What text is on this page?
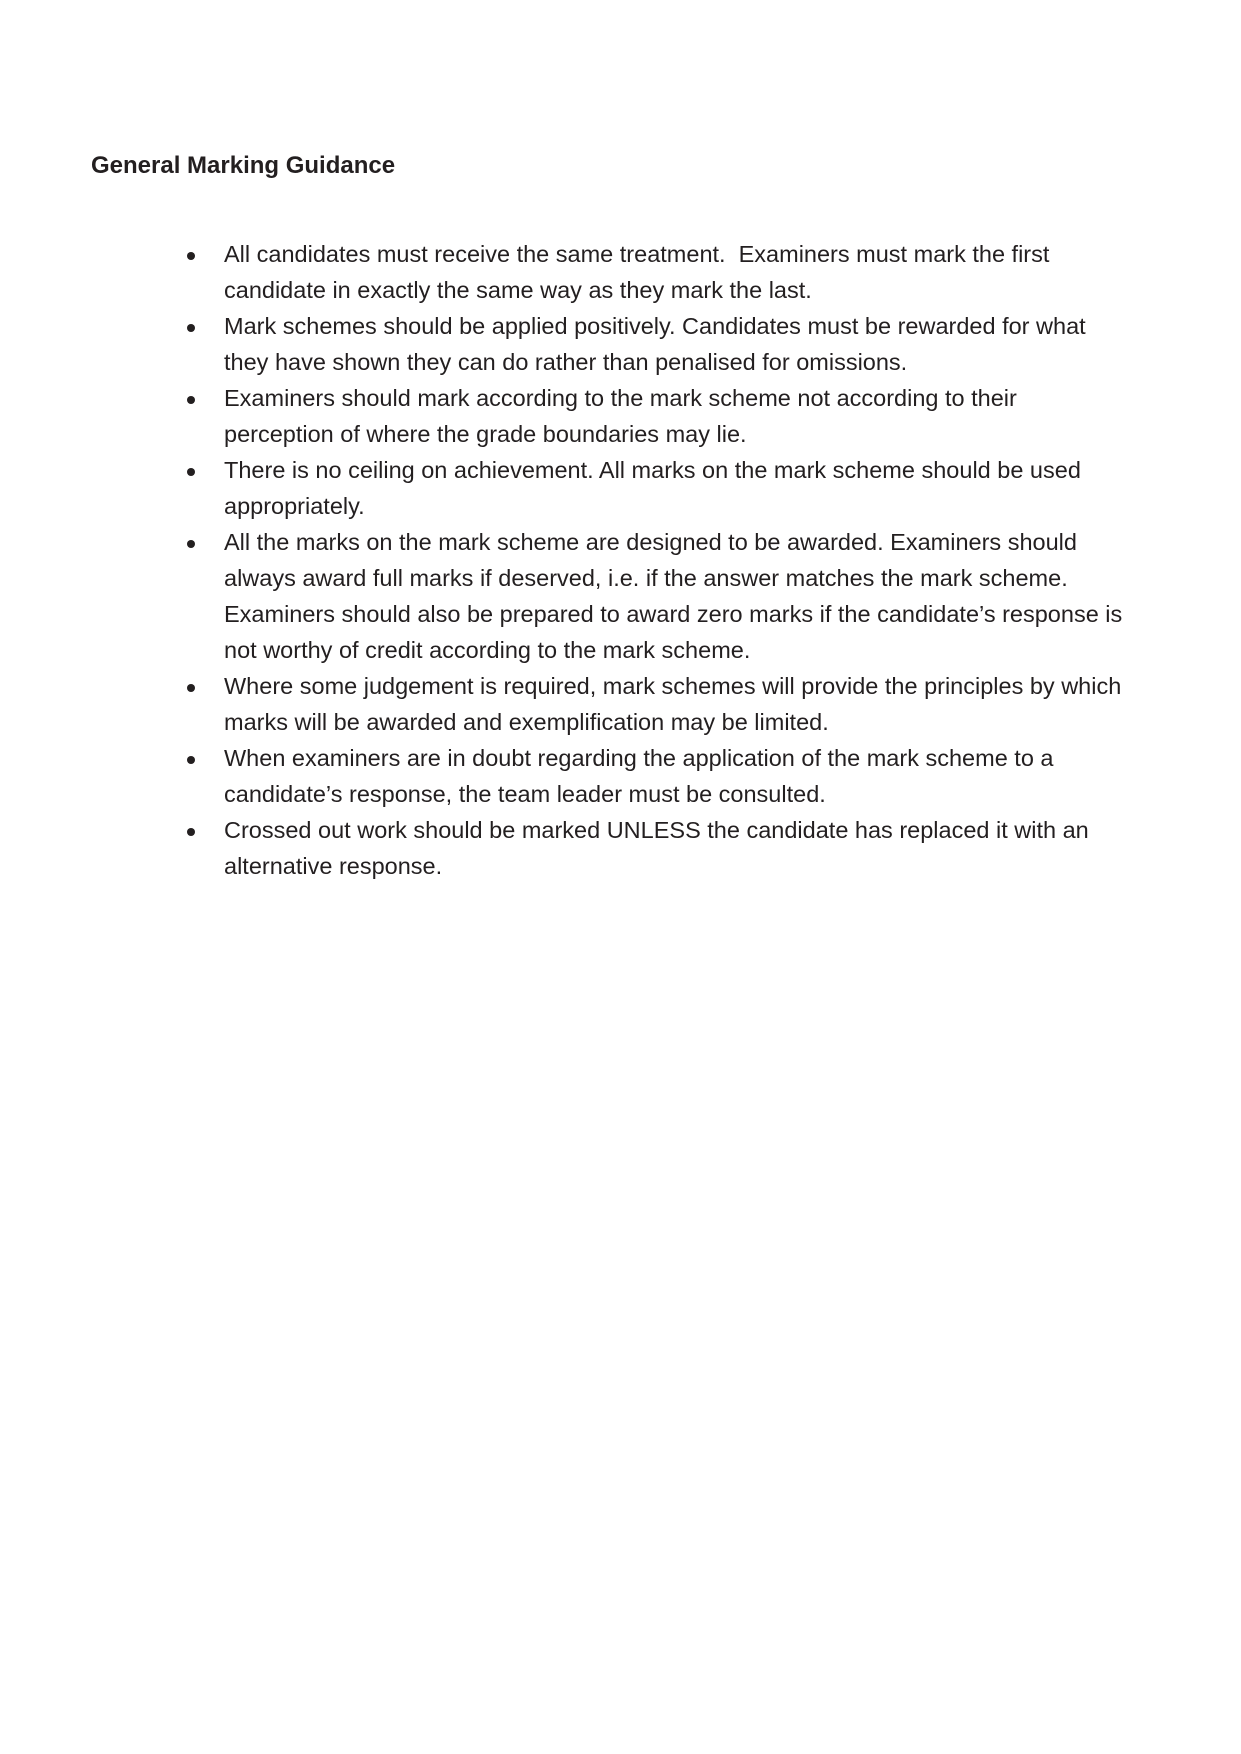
General Marking Guidance
All candidates must receive the same treatment.  Examiners must mark the first candidate in exactly the same way as they mark the last.
Mark schemes should be applied positively. Candidates must be rewarded for what they have shown they can do rather than penalised for omissions.
Examiners should mark according to the mark scheme not according to their perception of where the grade boundaries may lie.
There is no ceiling on achievement. All marks on the mark scheme should be used appropriately.
All the marks on the mark scheme are designed to be awarded. Examiners should always award full marks if deserved, i.e. if the answer matches the mark scheme.  Examiners should also be prepared to award zero marks if the candidate’s response is not worthy of credit according to the mark scheme.
Where some judgement is required, mark schemes will provide the principles by which marks will be awarded and exemplification may be limited.
When examiners are in doubt regarding the application of the mark scheme to a candidate’s response, the team leader must be consulted.
Crossed out work should be marked UNLESS the candidate has replaced it with an alternative response.
